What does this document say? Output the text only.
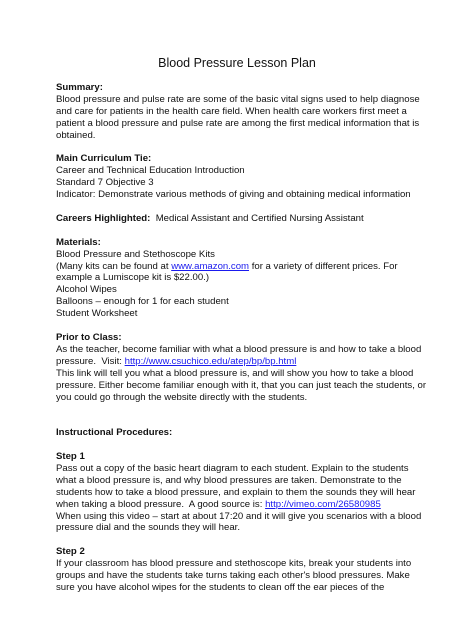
Blood Pressure Lesson Plan
Summary:
Blood pressure and pulse rate are some of the basic vital signs used to help diagnose
and care for patients in the health care field. When health care workers first meet a
patient a blood pressure and pulse rate are among the first medical information that is
obtained.
Main Curriculum Tie:
Career and Technical Education Introduction
Standard 7 Objective 3
Indicator: Demonstrate various methods of giving and obtaining medical information
Careers Highlighted:  Medical Assistant and Certified Nursing Assistant
Materials:
Blood Pressure and Stethoscope Kits
(Many kits can be found at www.amazon.com for a variety of different prices. For
example a Lumiscope kit is $22.00.)
Alcohol Wipes
Balloons – enough for 1 for each student
Student Worksheet
Prior to Class:
As the teacher, become familiar with what a blood pressure is and how to take a blood
pressure.  Visit: http://www.csuchico.edu/atep/bp/bp.html
This link will tell you what a blood pressure is, and will show you how to take a blood
pressure. Either become familiar enough with it, that you can just teach the students, or
you could go through the website directly with the students.
Instructional Procedures:
Step 1
Pass out a copy of the basic heart diagram to each student. Explain to the students
what a blood pressure is, and why blood pressures are taken. Demonstrate to the
students how to take a blood pressure, and explain to them the sounds they will hear
when taking a blood pressure.  A good source is: http://vimeo.com/26580985
When using this video – start at about 17:20 and it will give you scenarios with a blood
pressure dial and the sounds they will hear.
Step 2
If your classroom has blood pressure and stethoscope kits, break your students into
groups and have the students take turns taking each other's blood pressures. Make
sure you have alcohol wipes for the students to clean off the ear pieces of the
